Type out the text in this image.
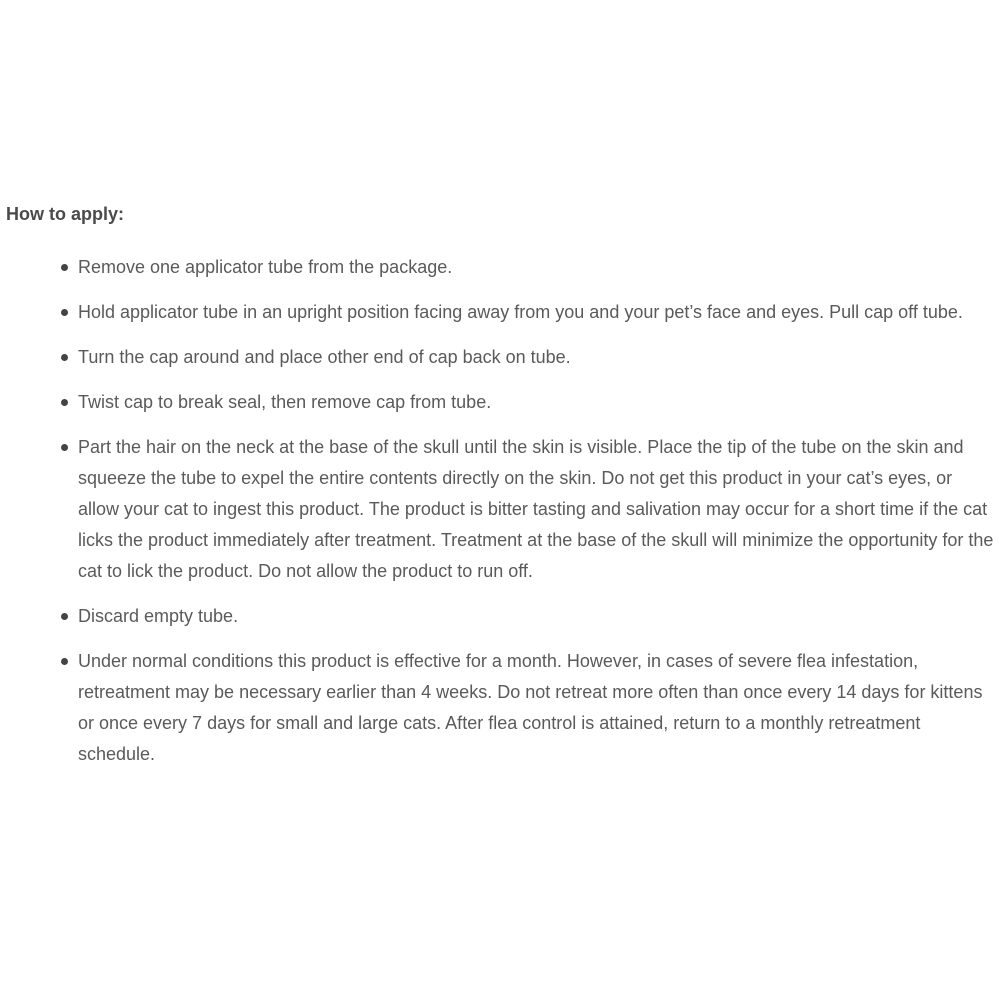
How to apply:
Remove one applicator tube from the package.
Hold applicator tube in an upright position facing away from you and your pet’s face and eyes. Pull cap off tube.
Turn the cap around and place other end of cap back on tube.
Twist cap to break seal, then remove cap from tube.
Part the hair on the neck at the base of the skull until the skin is visible. Place the tip of the tube on the skin and squeeze the tube to expel the entire contents directly on the skin. Do not get this product in your cat’s eyes, or allow your cat to ingest this product. The product is bitter tasting and salivation may occur for a short time if the cat licks the product immediately after treatment. Treatment at the base of the skull will minimize the opportunity for the cat to lick the product. Do not allow the product to run off.
Discard empty tube.
Under normal conditions this product is effective for a month. However, in cases of severe flea infestation, retreatment may be necessary earlier than 4 weeks. Do not retreat more often than once every 14 days for kittens or once every 7 days for small and large cats. After flea control is attained, return to a monthly retreatment schedule.
